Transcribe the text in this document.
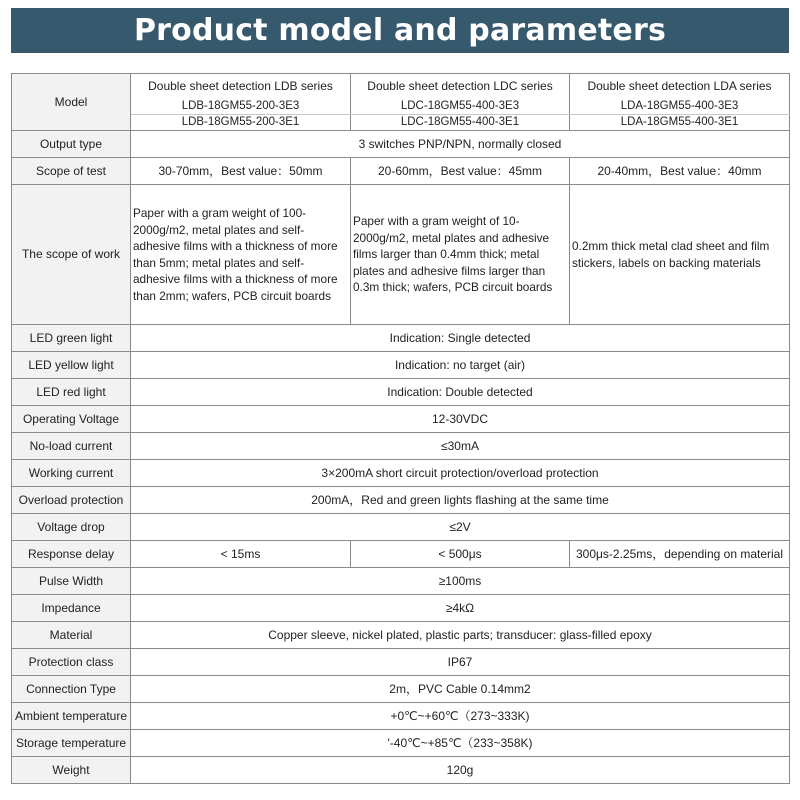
Product model and parameters
Model	Double sheet detection LDB series	Double sheet detection LDC series	Double sheet detection LDA series
	LDB-18GM55-200-3E3	LDC-18GM55-400-3E3	LDA-18GM55-400-3E3
	LDB-18GM55-200-3E1	LDC-18GM55-400-3E1	LDA-18GM55-400-3E1
Output type	3 switches PNP/NPN, normally closed		
Scope of test	30-70mm，Best value：50mm	20-60mm，Best value：45mm	20-40mm，Best value：40mm
The scope of work	Paper with a gram weight of 100-2000g/m2, metal plates and self-adhesive films with a thickness of more than 5mm; metal plates and self-adhesive films with a thickness of more than 2mm; wafers, PCB circuit boards	Paper with a gram weight of 10-2000g/m2, metal plates and adhesive films larger than 0.4mm thick; metal plates and adhesive films larger than 0.3m thick; wafers, PCB circuit boards	0.2mm thick metal clad sheet and film stickers, labels on backing materials
LED green light	Indication: Single detected		
LED yellow light	Indication: no target (air)		
LED red light	Indication: Double detected		
Operating Voltage	12-30VDC		
No-load current	≤30mA		
Working current	3×200mA short circuit protection/overload protection		
Overload protection	200mA，Red and green lights flashing at the same time		
Voltage drop	≤2V		
Response delay	< 15ms	< 500μs	300μs-2.25ms，depending on material
Pulse Width	≥100ms		
Impedance	≥4kΩ		
Material	Copper sleeve, nickel plated, plastic parts; transducer: glass-filled epoxy		
Protection class	IP67		
Connection Type	2m，PVC Cable 0.14mm2		
Ambient temperature	+0℃~+60℃（273~333K)		
Storage temperature	'-40℃~+85℃（233~358K)		
Weight	120g		
